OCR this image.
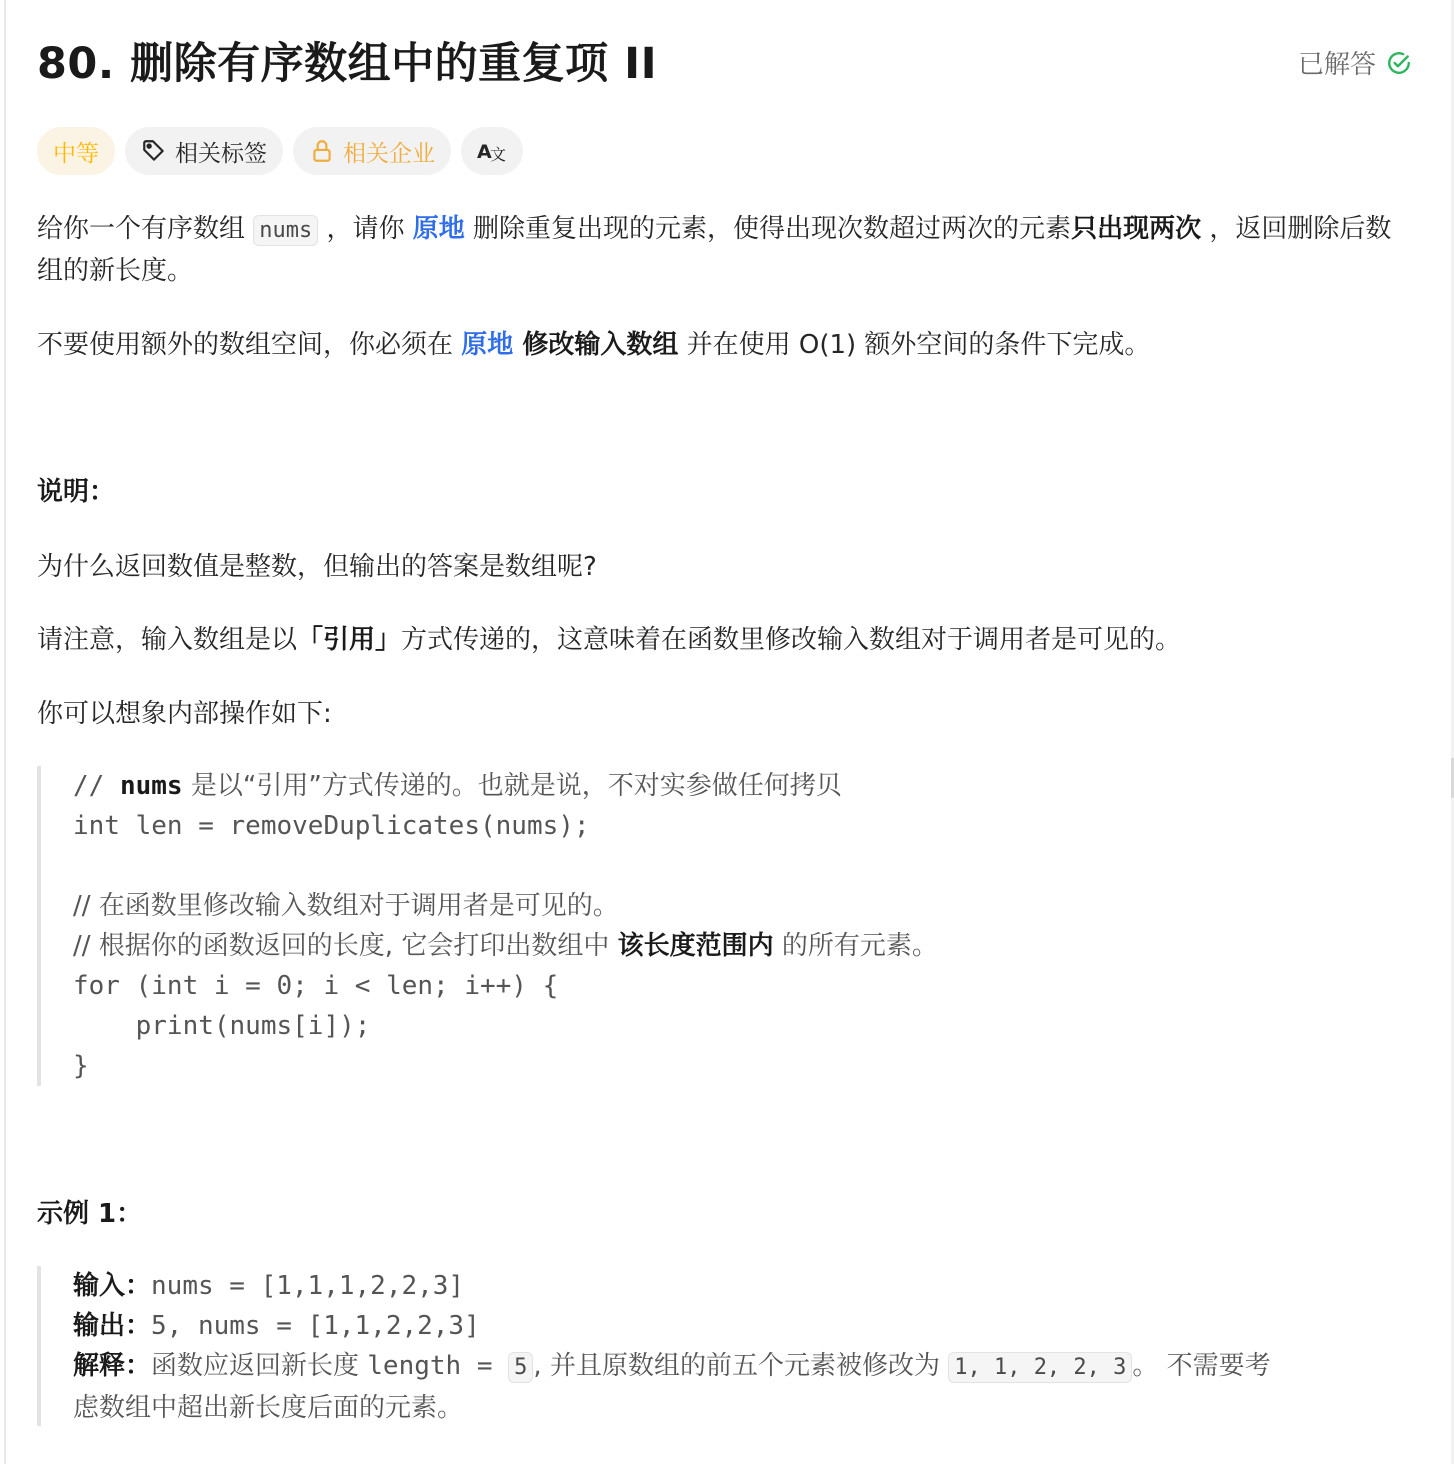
80. 删除有序数组中的重复项 II	已解答
中等	相关标签	相关企业 A
文

给你一个有序数组 nums ，请你 原地 删除重复出现的元素，使得出现次数超过两次的元素只出现两次 ，返回删除后数组的新长度。

不要使用额外的数组空间，你必须在 原地 修改输入数组 并在使用 O(1) 额外空间的条件下完成。

说明：

为什么返回数值是整数，但输出的答案是数组呢?

请注意，输入数组是以「引用」方式传递的，这意味着在函数里修改输入数组对于调用者是可见的。

你可以想象内部操作如下:

// nums 是以“引用”方式传递的。也就是说，不对实参做任何拷贝
int len = removeDuplicates(nums);
// 在函数里修改输入数组对于调用者是可见的。
// 根据你的函数返回的长度, 它会打印出数组中 该长度范围内 的所有元素。
for (int i = 0; i < len; i++) {
print(nums[i]);
}

示例 1：

输入：nums = [1,1,1,2,2,3]
输出：5, nums = [1,1,2,2,3]
解释：函数应返回新长度 length = 5 , 并且原数组的前五个元素被修改为 1, 1, 2, 2, 3 。 不需要考
虑数组中超出新长度后面的元素。
